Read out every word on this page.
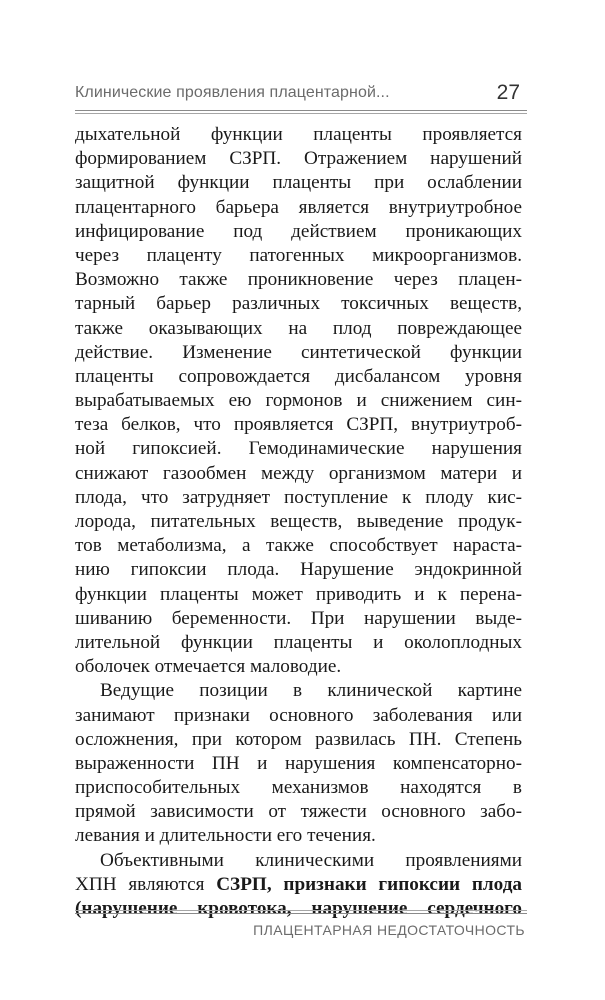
Клинические проявления плацентарной...	27
дыхательной функции плаценты проявляется
формированием СЗРП. Отражением нарушений
защитной функции плаценты при ослаблении
плацентарного барьера является внутриутробное
инфицирование под действием проникающих
через плаценту патогенных микроорганизмов.
Возможно также проникновение через плацен-
тарный барьер различных токсичных веществ,
также оказывающих на плод повреждающее
действие. Изменение синтетической функции
плаценты сопровождается дисбалансом уровня
вырабатываемых ею гормонов и снижением син-
теза белков, что проявляется СЗРП, внутриутроб-
ной гипоксией. Гемодинамические нарушения
снижают газообмен между организмом матери и
плода, что затрудняет поступление к плоду кис-
лорода, питательных веществ, выведение продук-
тов метаболизма, а также способствует нараста-
нию гипоксии плода. Нарушение эндокринной
функции плаценты может приводить и к перена-
шиванию беременности. При нарушении выде-
лительной функции плаценты и околоплодных
оболочек отмечается маловодие.
Ведущие позиции в клинической картине
занимают признаки основного заболевания или
осложнения, при котором развилась ПН. Степень
выраженности ПН и нарушения компенсаторно-
приспособительных механизмов находятся в
прямой зависимости от тяжести основного забо-
левания и длительности его течения.
Объективными клиническими проявлениями
ХПН являются СЗРП, признаки гипоксии плода
(нарушение кровотока, нарушение сердечного
ПЛАЦЕНТАРНАЯ НЕДОСТАТОЧНОСТЬ
